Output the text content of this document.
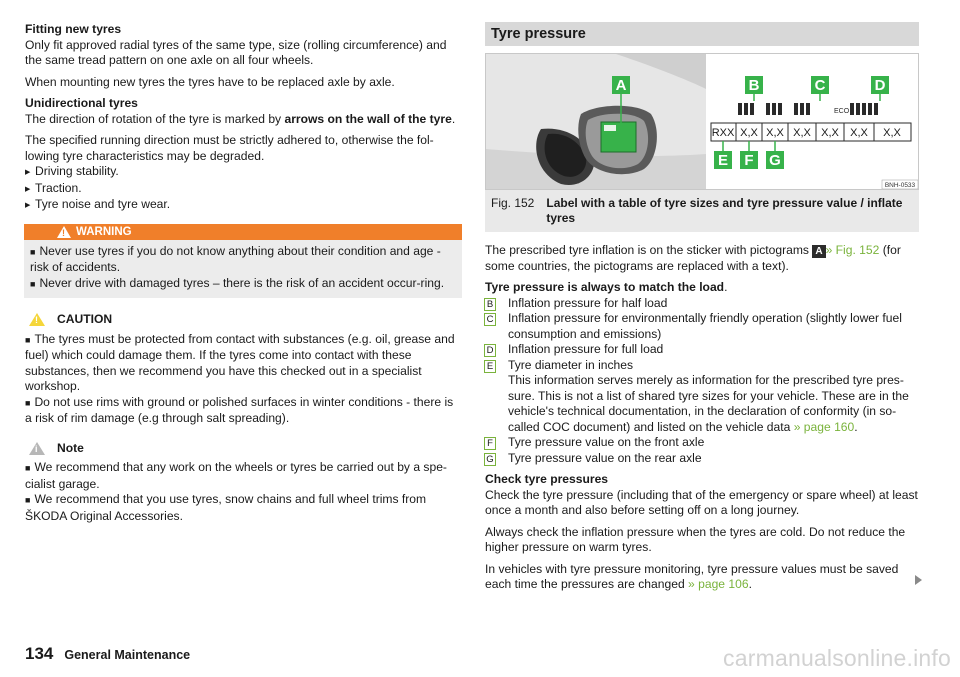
Fitting new tyres
Only fit approved radial tyres of the same type, size (rolling circumference) and the same tread pattern on one axle on all four wheels.

When mounting new tyres the tyres have to be replaced axle by axle.

Unidirectional tyres
The direction of rotation of the tyre is marked by arrows on the wall of the tyre.
The specified running direction must be strictly adhered to, otherwise the fol-lowing tyre characteristics may be degraded.
▶ Driving stability.
▶ Traction.
▶ Tyre noise and tyre wear.
! WARNING
■ Never use tyres if you do not know anything about their condition and age - risk of accidents.
■ Never drive with damaged tyres – there is the risk of an accident occur-ring.
! CAUTION
■ The tyres must be protected from contact with substances (e.g. oil, grease and fuel) which could damage them. If the tyres come into contact with these substances, then we recommend you have this checked out in a specialist workshop.
■ Do not use rims with ground or polished surfaces in winter conditions - there is a risk of rim damage (e.g through salt spreading).
i Note
■ We recommend that any work on the wheels or tyres be carried out by a spe-cialist garage.
■ We recommend that you use tyres, snow chains and full wheel trims from ŠKODA Original Accessories.
Tyre pressure
A	B	C	D
ECO
RXX X,X X,X X,X X,X X,X X,X
E F G
BNH-0533
Fig. 152 Label with a table of tyre sizes and tyre pressure value / inflate tyres

The prescribed tyre inflation is on the sticker with pictograms A » Fig. 152 (for some countries, the pictograms are replaced with a text).

Tyre pressure is always to match the load.
B	Inflation pressure for half load
C	Inflation pressure for environmentally friendly operation (slightly lower fuel consumption and emissions)
D	Inflation pressure for full load
E	Tyre diameter in inches
This information serves merely as information for the prescribed tyre pres-sure. This is not a list of shared tyre sizes for your vehicle. These are in the vehicle's technical documentation, in the declaration of conformity (in so-called COC document) and listed on the vehicle data » page 160.
F	Tyre pressure value on the front axle
G	Tyre pressure value on the rear axle
Check tyre pressures
Check the tyre pressure (including that of the emergency or spare wheel) at least once a month and also before setting off on a long journey.

Always check the inflation pressure when the tyres are cold. Do not reduce the higher pressure on warm tyres.

In vehicles with tyre pressure monitoring, tyre pressure values must be saved each time the pressures are changed » page 106.

134 General Maintenance	carmanualsonline.info
